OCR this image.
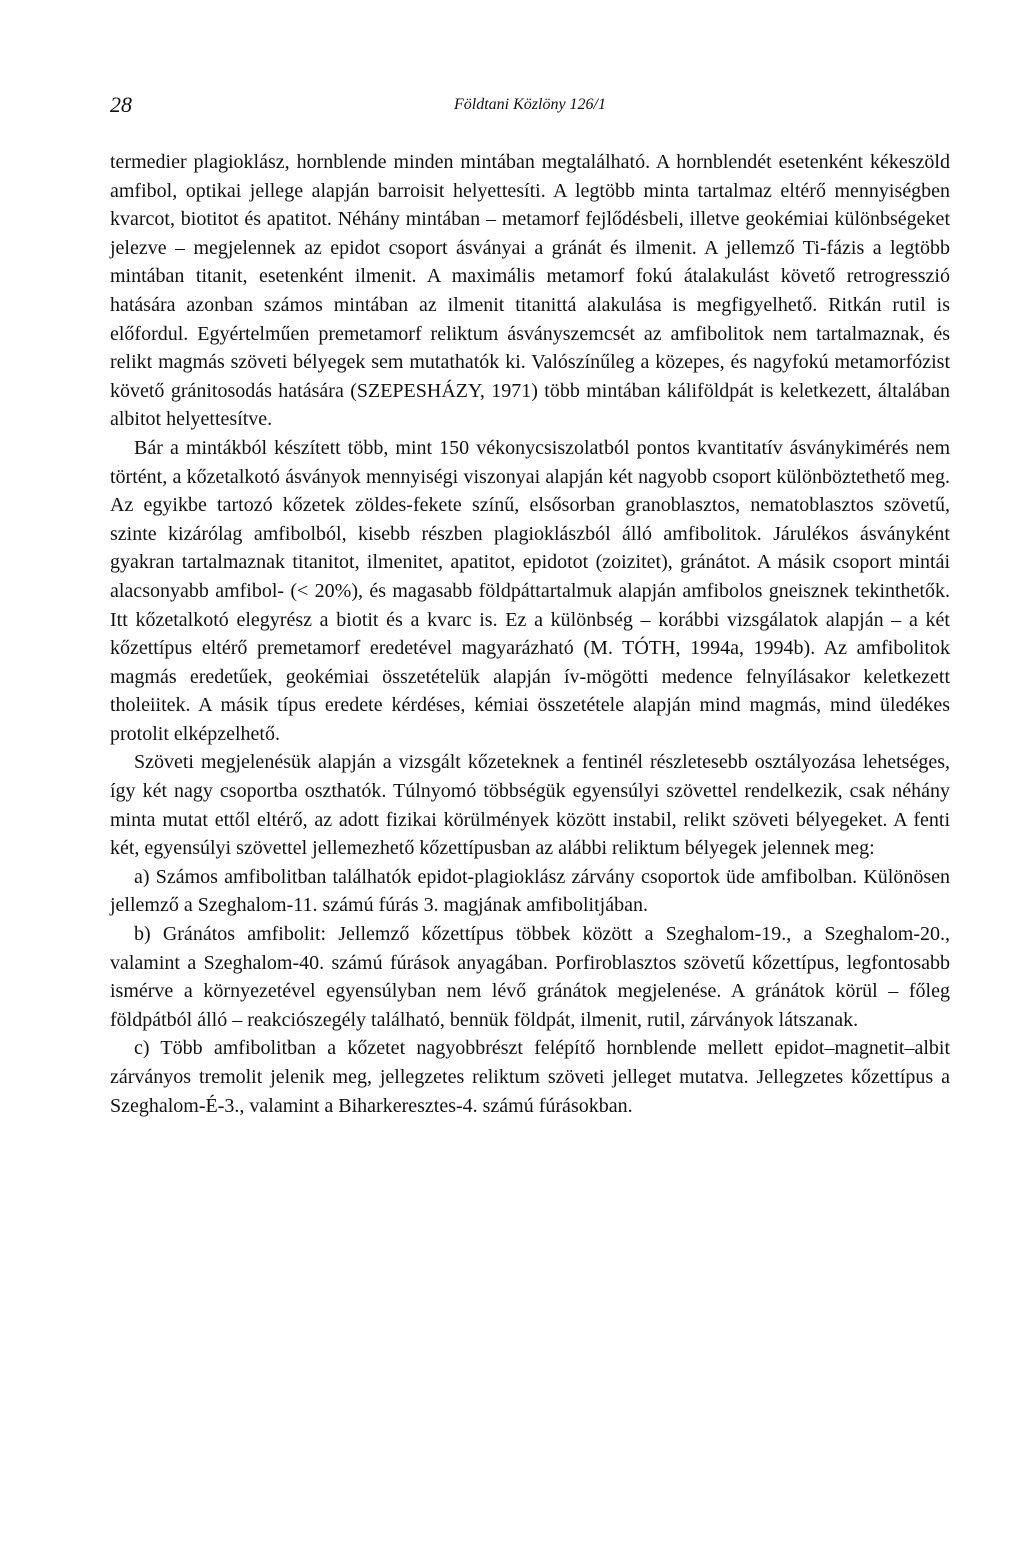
28	Földtani Közlöny 126/1

termedier plagioklász, hornblende minden mintában megtalálható. A hornblendét esetenként kékeszöld amfibol, optikai jellege alapján barroisit helyettesíti. A legtöbb minta tartalmaz eltérő mennyiségben kvarcot, biotitot és apatitot. Néhány mintában – metamorf fejlődésbeli, illetve geokémiai különbségeket jelezve – megjelennek az epidot csoport ásványai a gránát és ilmenit. A jellemző Ti-fázis a legtöbb mintában titanit, esetenként ilmenit. A maximális metamorf fokú átalakulást követő retrogresszió hatására azonban számos mintában az ilmenit titanittá alakulása is megfigyelhető. Ritkán rutil is előfordul. Egyértelműen premetamorf reliktum ásványszemcsét az amfibolitok nem tartalmaznak, és relikt magmás szöveti bélyegek sem mutathatók ki. Valószínűleg a közepes, és nagyfokú metamorfózist követő gránitosodás hatására (SZEPESHÁZY, 1971) több mintában káliföldpát is keletkezett, általában albitot helyettesítve.

Bár a mintákból készített több, mint 150 vékonycsiszolatból pontos kvantitatív ásványkimérés nem történt, a kőzetalkotó ásványok mennyiségi viszonyai alapján két nagyobb csoport különböztethető meg. Az egyikbe tartozó kőzetek zöldes-fekete színű, elsősorban granoblasztos, nematoblasztos szövetű, szinte kizárólag amfibolból, kisebb részben plagioklászból álló amfibolitok. Járulékos ásványként gyakran tartalmaznak titanitot, ilmenitet, apatitot, epidotot (zoizitet), gránátot. A másik csoport mintái alacsonyabb amfibol- (< 20%), és magasabb földpáttartalmuk alapján amfibolos gneisznek tekinthetők. Itt kőzetalkotó elegyrész a biotit és a kvarc is. Ez a különbség – korábbi vizsgálatok alapján – a két kőzettípus eltérő premetamorf eredetével magyarázható (M. TÓTH, 1994a, 1994b). Az amfibolitok magmás eredetűek, geokémiai összetételük alapján ív-mögötti medence felnyílásakor keletkezett tholeiitek. A másik típus eredete kérdéses, kémiai összetétele alapján mind magmás, mind üledékes protolit elképzelhető.

Szöveti megjelenésük alapján a vizsgált kőzeteknek a fentinél részletesebb osztályozása lehetséges, így két nagy csoportba oszthatók. Túlnyomó többségük egyensúlyi szövettel rendelkezik, csak néhány minta mutat ettől eltérő, az adott fizikai körülmények között instabil, relikt szöveti bélyegeket. A fenti két, egyensúlyi szövettel jellemezhető kőzettípusban az alábbi reliktum bélyegek jelennek meg:

a) Számos amfibolitban találhatók epidot-plagioklász zárvány csoportok üde amfibolban. Különösen jellemző a Szeghalom-11. számú fúrás 3. magjának amfibolitjában.

b) Gránátos amfibolit: Jellemző kőzettípus többek között a Szeghalom-19., a Szeghalom-20., valamint a Szeghalom-40. számú fúrások anyagában. Porfiroblasztos szövetű kőzettípus, legfontosabb ismérve a környezetével egyensúlyban nem lévő gránátok megjelenése. A gránátok körül – főleg földpátból álló – reakciószegély található, bennük földpát, ilmenit, rutil, zárványok látszanak.

c) Több amfibolitban a kőzetet nagyobbrészt felépítő hornblende mellett epidot–magnetit–albit zárványos tremolit jelenik meg, jellegzetes reliktum szöveti jelleget mutatva. Jellegzetes kőzettípus a Szeghalom-É-3., valamint a Biharkeresztes-4. számú fúrásokban.
